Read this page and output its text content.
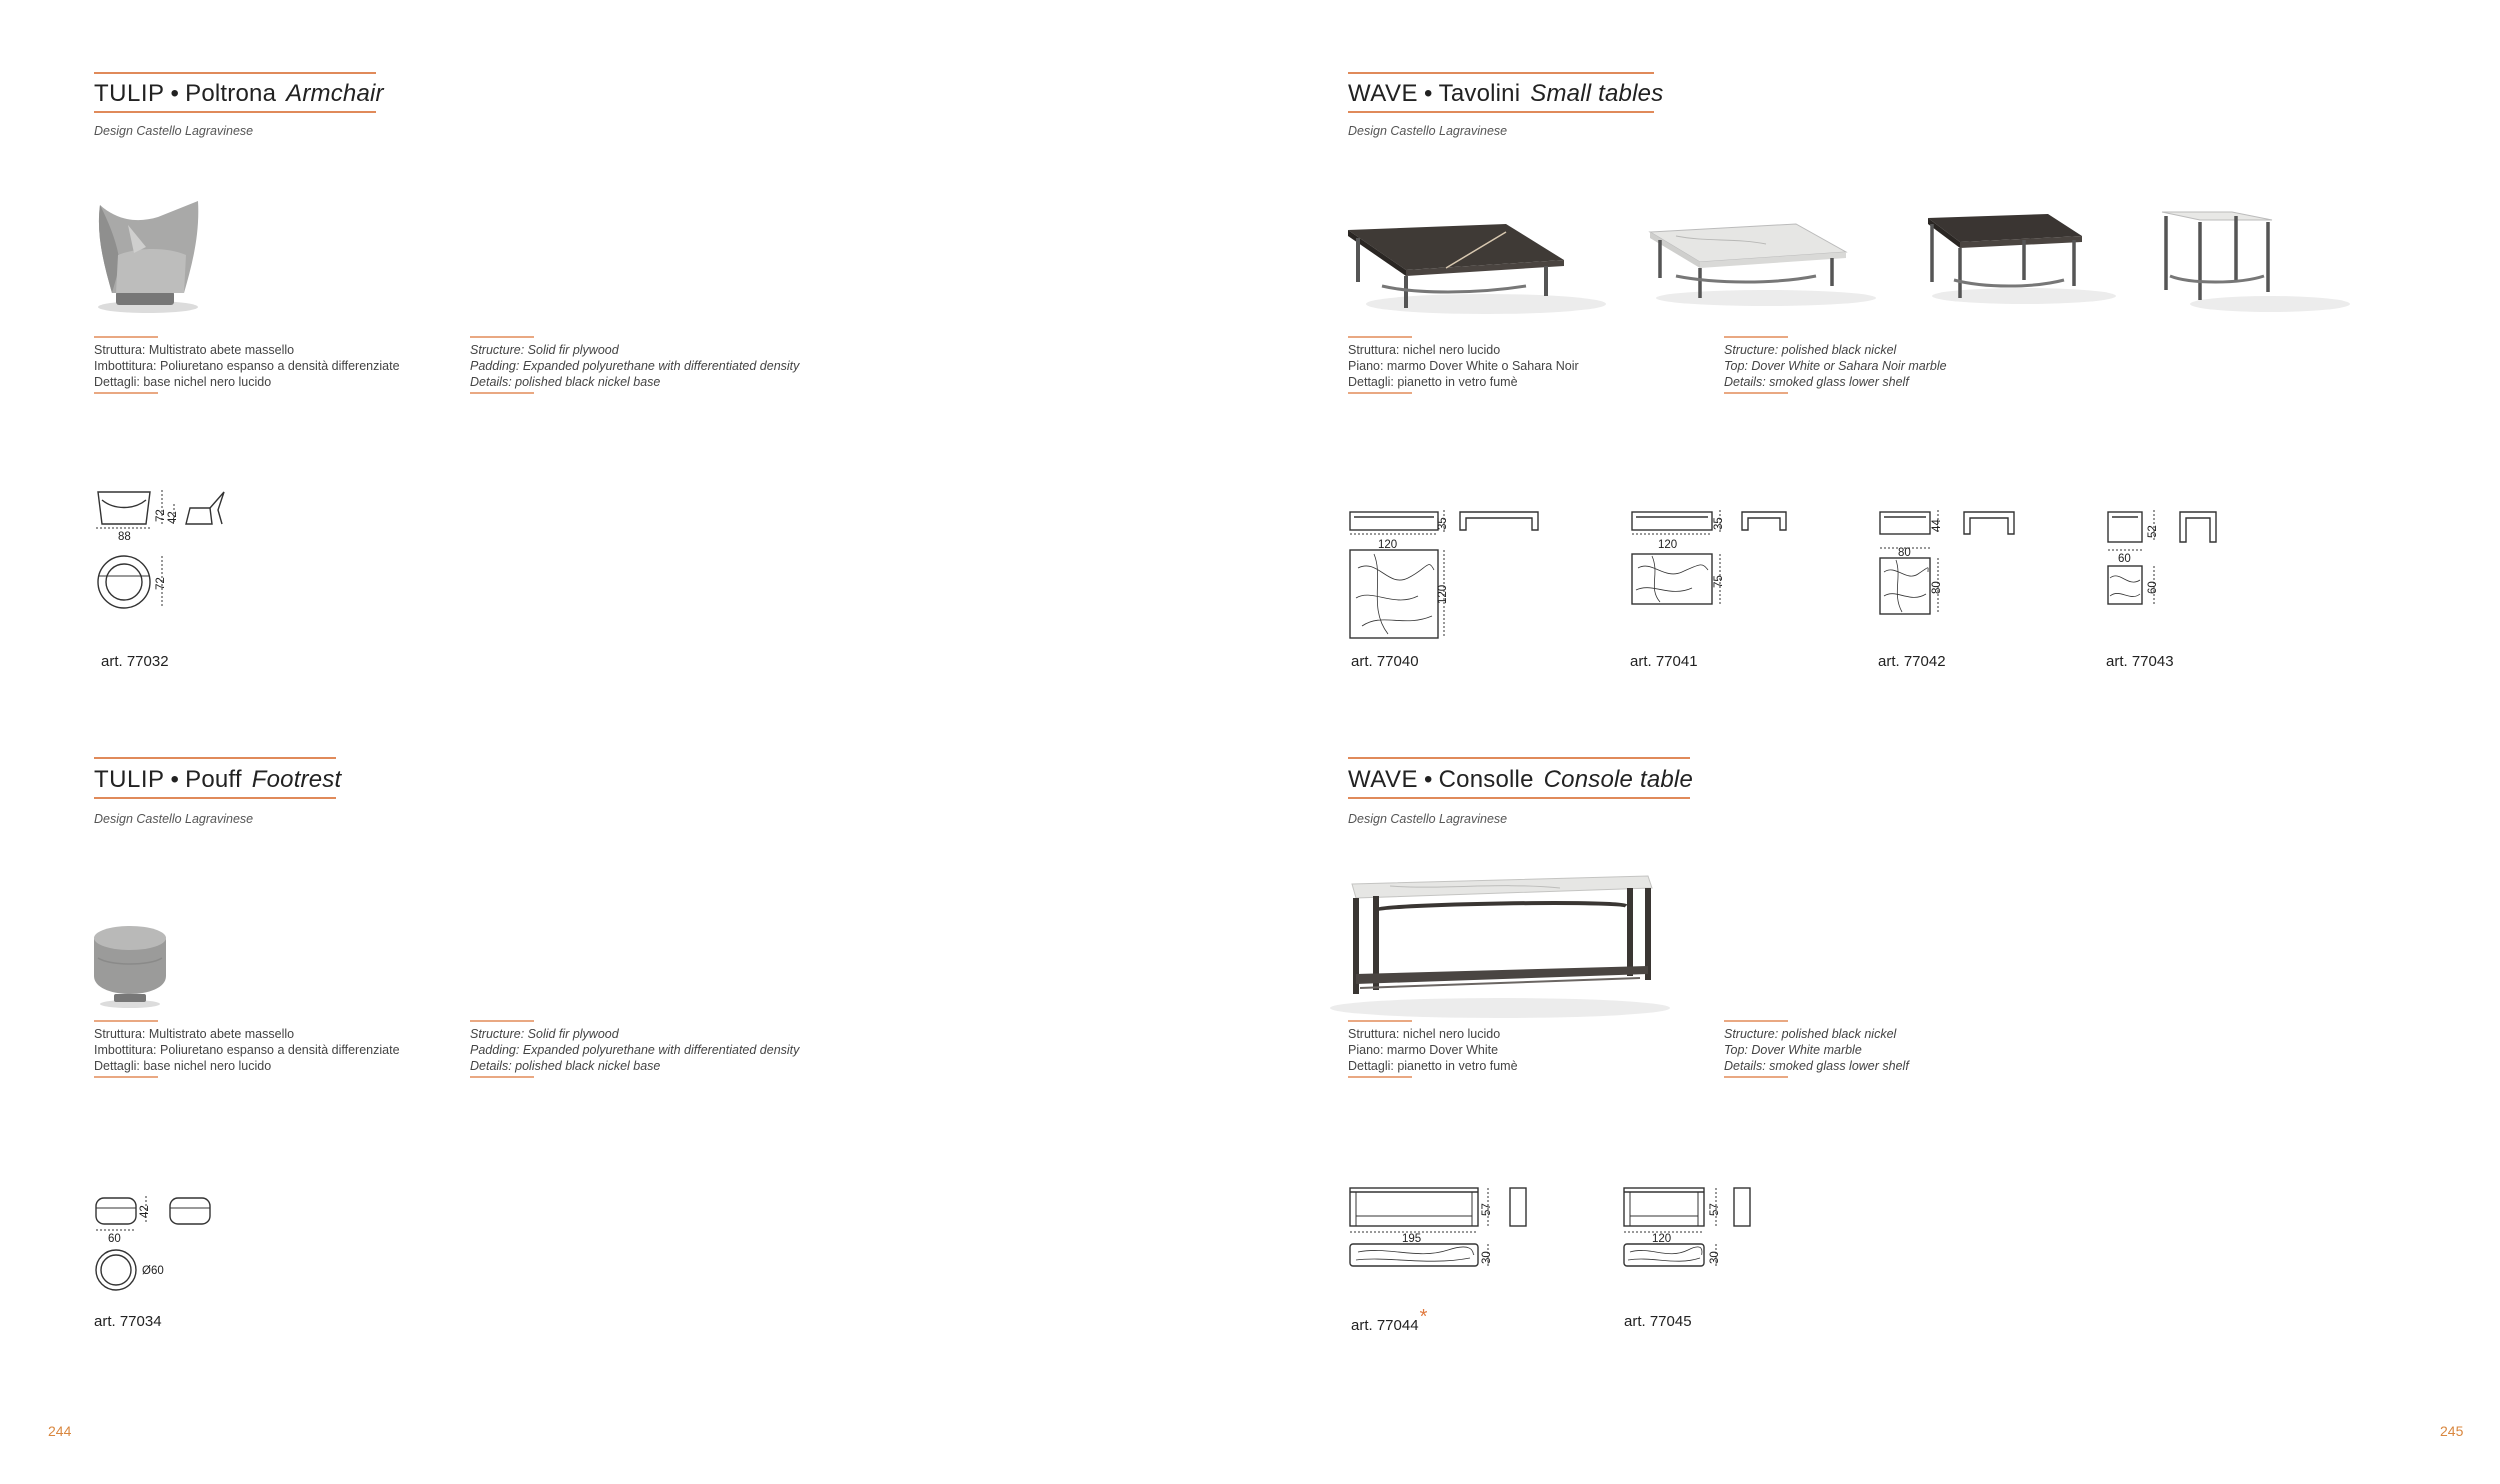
TULIP • Poltrona Armchair
Design Castello Lagravinese
Struttura: Multistrato abete massello
Imbottitura: Poliuretano espanso a densità differenziate
Dettagli: base nichel nero lucido
Structure: Solid fir plywood
Padding: Expanded polyurethane with differentiated density
Details: polished black nickel base
88
72 42
72
art. 77032
TULIP • Pouff Footrest
Design Castello Lagravinese
Struttura: Multistrato abete massello
Imbottitura: Poliuretano espanso a densità differenziate
Dettagli: base nichel nero lucido
Structure: Solid fir plywood
Padding: Expanded polyurethane with differentiated density
Details: polished black nickel base
60
42
Ø60
art. 77034
244
WAVE • Tavolini Small tables
Design Castello Lagravinese
Struttura: nichel nero lucido
Piano: marmo Dover White o Sahara Noir
Dettagli: pianetto in vetro fumè
Structure: polished black nickel
Top: Dover White or Sahara Noir marble
Details: smoked glass lower shelf
120
35
120
art. 77040
120
35
75
art. 77041
80
44
80
art. 77042
60
52
60
art. 77043
WAVE • Consolle Console table
Design Castello Lagravinese
Struttura: nichel nero lucido
Piano: marmo Dover White
Dettagli: pianetto in vetro fumè
Structure: polished black nickel
Top: Dover White marble
Details: smoked glass lower shelf
195
57
30
art. 77044*
120
57
30
art. 77045
245
